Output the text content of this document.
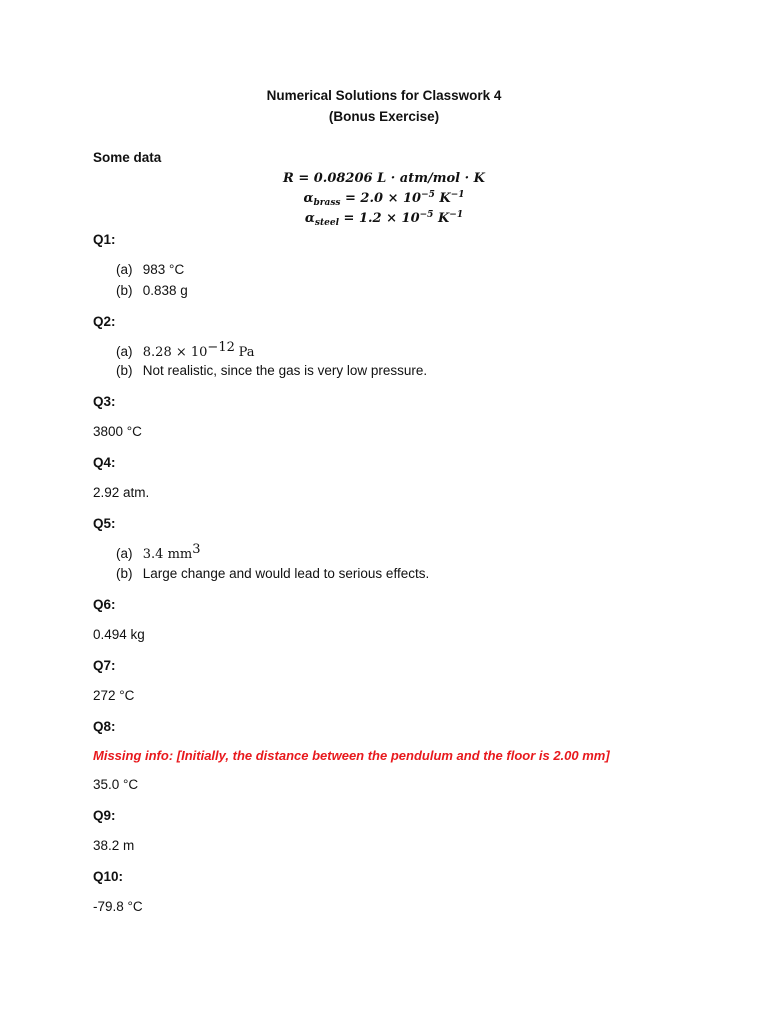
Numerical Solutions for Classwork 4
(Bonus Exercise)
Some data
R = 0.08206 L · atm/mol · K
$\alpha_{brass} = 2.0 \times 10^{-5}$ $K^{-1}$
$\alpha_{steel} = 1.2 \times 10^{-5}$ $K^{-1}$
Q1:
(a) 983 °C
(b) 0.838 g
Q2:
(a) $8.28 \times 10^{-12}$ Pa
(b) Not realistic, since the gas is very low pressure.
Q3:
3800 °C
Q4:
2.92 atm.
Q5:
(a) 3.4 $mm^3$
(b) Large change and would lead to serious effects.
Q6:
0.494 kg
Q7:
272 °C
Q8:
Missing info: [Initially, the distance between the pendulum and the floor is 2.00 mm]
35.0 °C
Q9:
38.2 m
Q10:
-79.8 °C
